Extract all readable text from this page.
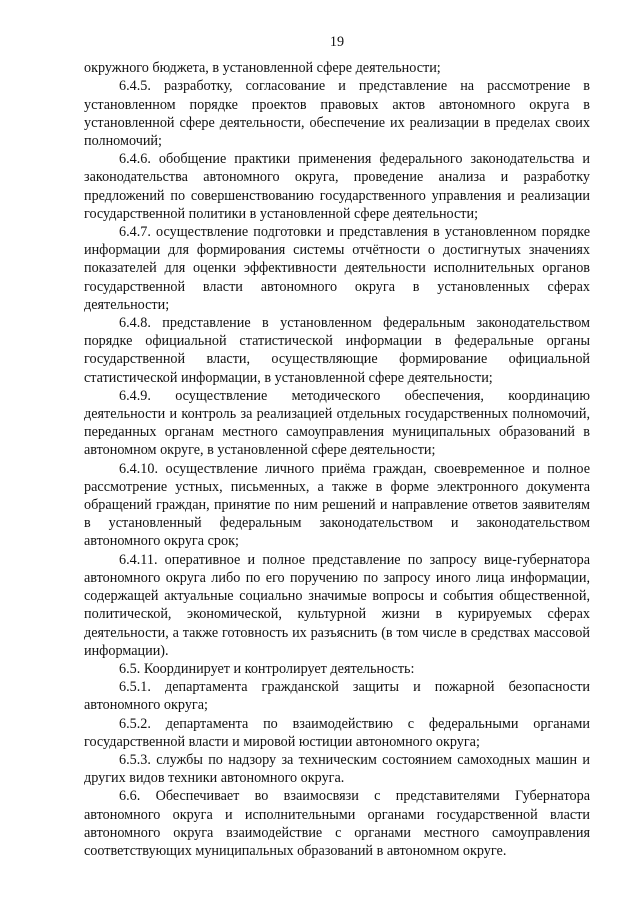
19

окружного бюджета, в установленной сфере деятельности;

6.4.5. разработку, согласование и представление на рассмотрение в установленном порядке проектов правовых актов автономного округа в установленной сфере деятельности, обеспечение их реализации в пределах своих полномочий;

6.4.6. обобщение практики применения федерального законодательства и законодательства автономного округа, проведение анализа и разработку предложений по совершенствованию государственного управления и реализации государственной политики в установленной сфере деятельности;

6.4.7. осуществление подготовки и представления в установленном порядке информации для формирования системы отчётности о достигнутых значениях показателей для оценки эффективности деятельности исполнительных органов государственной власти автономного округа в установленных сферах деятельности;

6.4.8. представление в установленном федеральным законодательством порядке официальной статистической информации в федеральные органы государственной власти, осуществляющие формирование официальной статистической информации, в установленной сфере деятельности;

6.4.9. осуществление методического обеспечения, координацию деятельности и контроль за реализацией отдельных государственных полномочий, переданных органам местного самоуправления муниципальных образований в автономном округе, в установленной сфере деятельности;

6.4.10. осуществление личного приёма граждан, своевременное и полное рассмотрение устных, письменных, а также в форме электронного документа обращений граждан, принятие по ним решений и направление ответов заявителям в установленный федеральным законодательством и законодательством автономного округа срок;

6.4.11. оперативное и полное представление по запросу вице-губернатора автономного округа либо по его поручению по запросу иного лица информации, содержащей актуальные социально значимые вопросы и события общественной, политической, экономической, культурной жизни в курируемых сферах деятельности, а также готовность их разъяснить (в том числе в средствах массовой информации).

6.5. Координирует и контролирует деятельность:

6.5.1. департамента гражданской защиты и пожарной безопасности автономного округа;

6.5.2. департамента по взаимодействию с федеральными органами государственной власти и мировой юстиции автономного округа;

6.5.3. службы по надзору за техническим состоянием самоходных машин и других видов техники автономного округа.

6.6. Обеспечивает во взаимосвязи с представителями Губернатора автономного округа и исполнительными органами государственной власти автономного округа взаимодействие с органами местного самоуправления соответствующих муниципальных образований в автономном округе.
